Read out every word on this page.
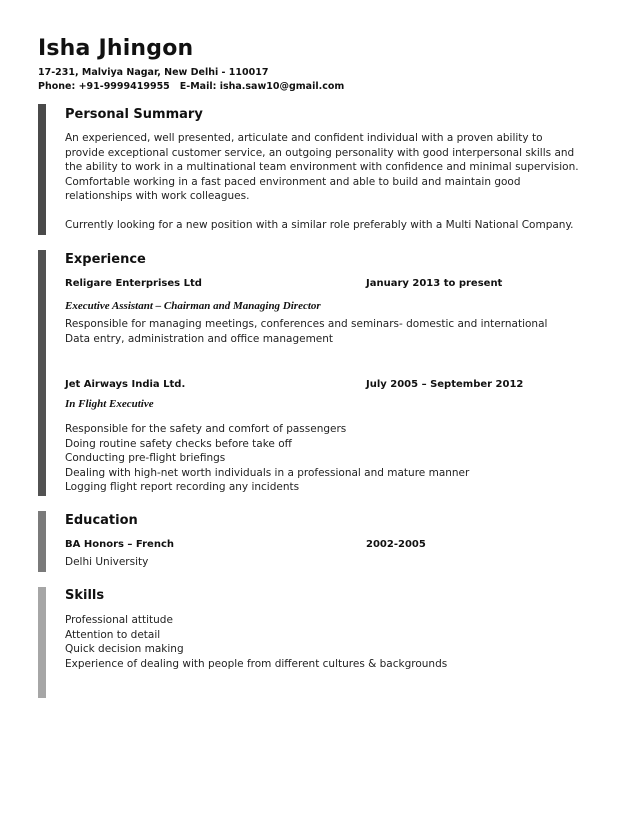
Isha Jhingon
17-231, Malviya Nagar, New Delhi - 110017
Phone: +91-9999419955 E-Mail: isha.saw10@gmail.com
Personal Summary
An experienced, well presented, articulate and confident individual with a proven ability to provide exceptional customer service, an outgoing personality with good interpersonal skills and the ability to work in a multinational team environment with confidence and minimal supervision. Comfortable working in a fast paced environment and able to build and maintain good relationships with work colleagues.
Currently looking for a new position with a similar role preferably with a Multi National Company.
Experience
Religare Enterprises Ltd	January 2013 to present
Executive Assistant – Chairman and Managing Director
Responsible for managing meetings, conferences and seminars- domestic and international
Data entry, administration and office management
Jet Airways India Ltd.	July 2005 – September 2012
In Flight Executive
Responsible for the safety and comfort of passengers
Doing routine safety checks before take off
Conducting pre-flight briefings
Dealing with high-net worth individuals in a professional and mature manner
Logging flight report recording any incidents
Education
BA Honors – French	2002-2005
Delhi University
Skills
Professional attitude
Attention to detail
Quick decision making
Experience of dealing with people from different cultures & backgrounds
